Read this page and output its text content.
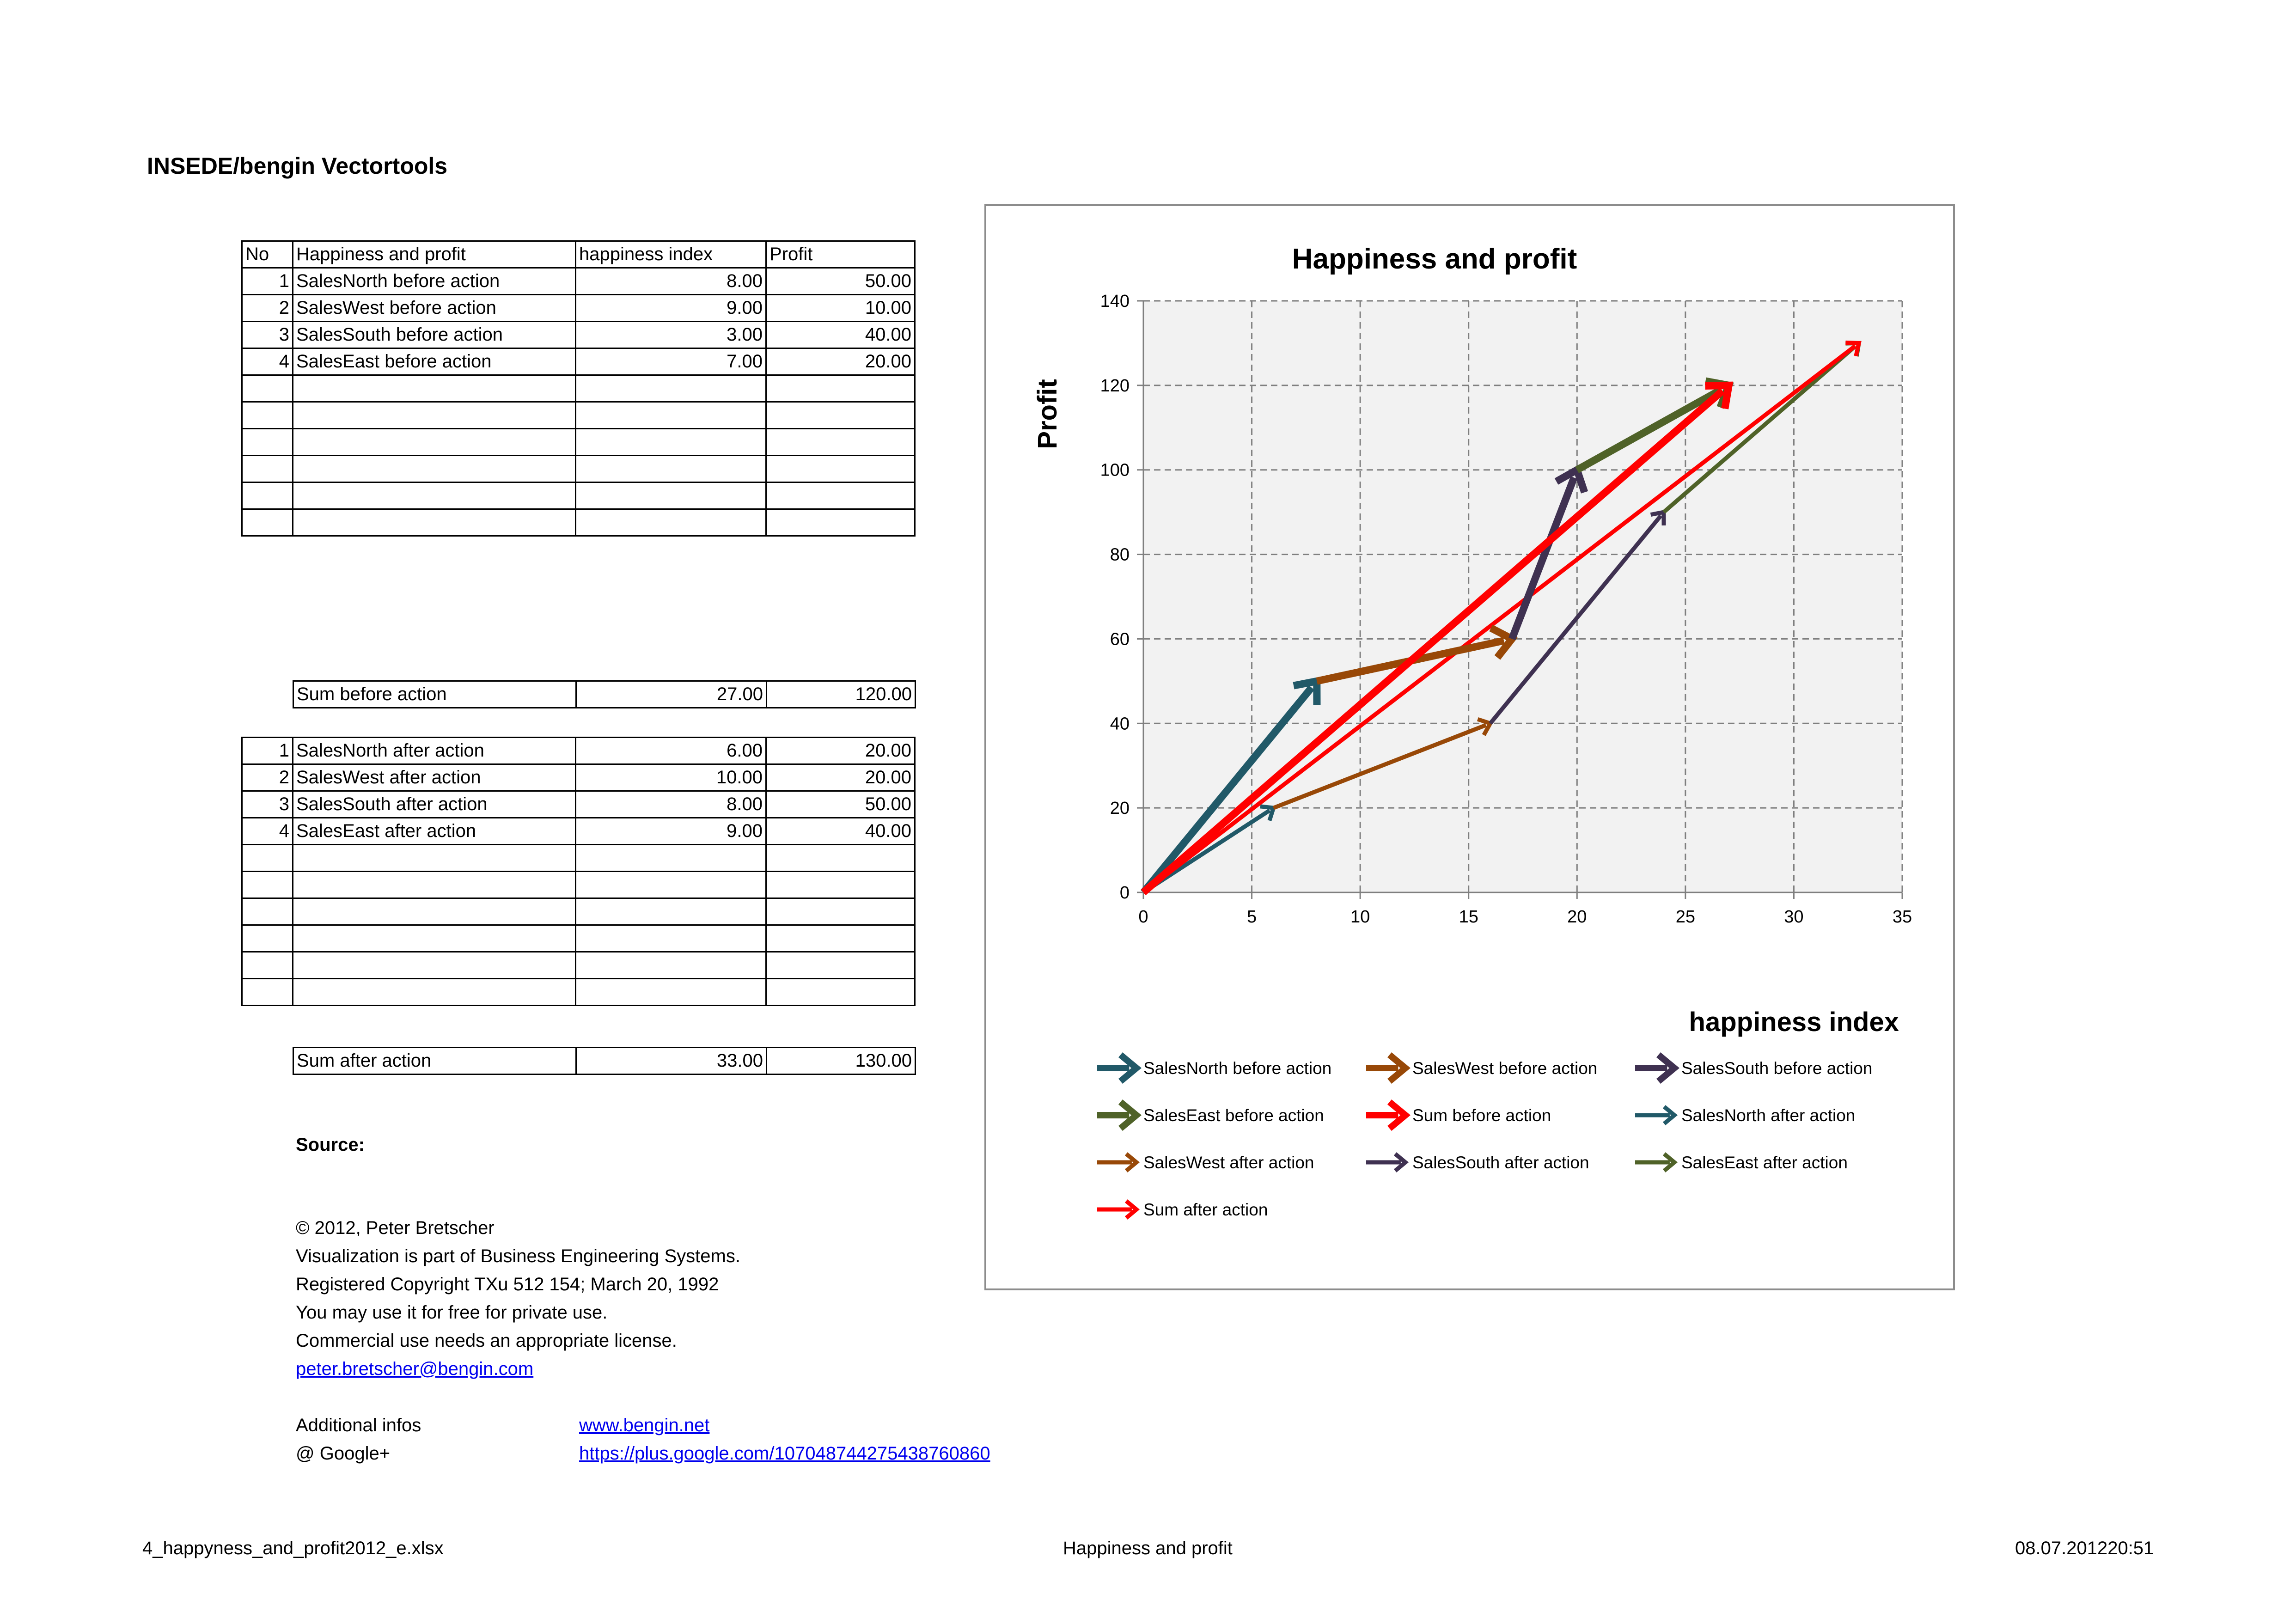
INSEDE/bengin Vectortools
No	Happiness and profit	happiness index	Profit
1	SalesNorth before action	8.00	50.00
2	SalesWest before action	9.00	10.00
3	SalesSouth before action	3.00	40.00
4	SalesEast before action	7.00	20.00

Sum before action	27.00	120.00
1	SalesNorth after action	6.00	20.00
2	SalesWest after action	10.00	20.00
3	SalesSouth after action	8.00	50.00
4	SalesEast after action	9.00	40.00

Sum after action	33.00	130.00
Source:
© 2012, Peter Bretscher
Visualization is part of Business Engineering Systems.
Registered Copyright TXu 512 154; March 20, 1992
You may use it for free for private use.
Commercial use needs an appropriate license.
peter.bretscher@bengin.com
Additional infos	www.bengin.net
@ Google+	https://plus.google.com/107048744275438760860
4_happyness_and_profit2012_e.xlsx	Happiness and profit	08.07.201220:51
Happiness and profit
0	5	10	15	20	25	30	35
0
20
40
60
80
100
120
140
happiness index
Profit
SalesNorth before action	SalesWest before action	SalesSouth before action
SalesEast before action	Sum before action	SalesNorth after action
SalesWest after action	SalesSouth after action	SalesEast after action
Sum after action
